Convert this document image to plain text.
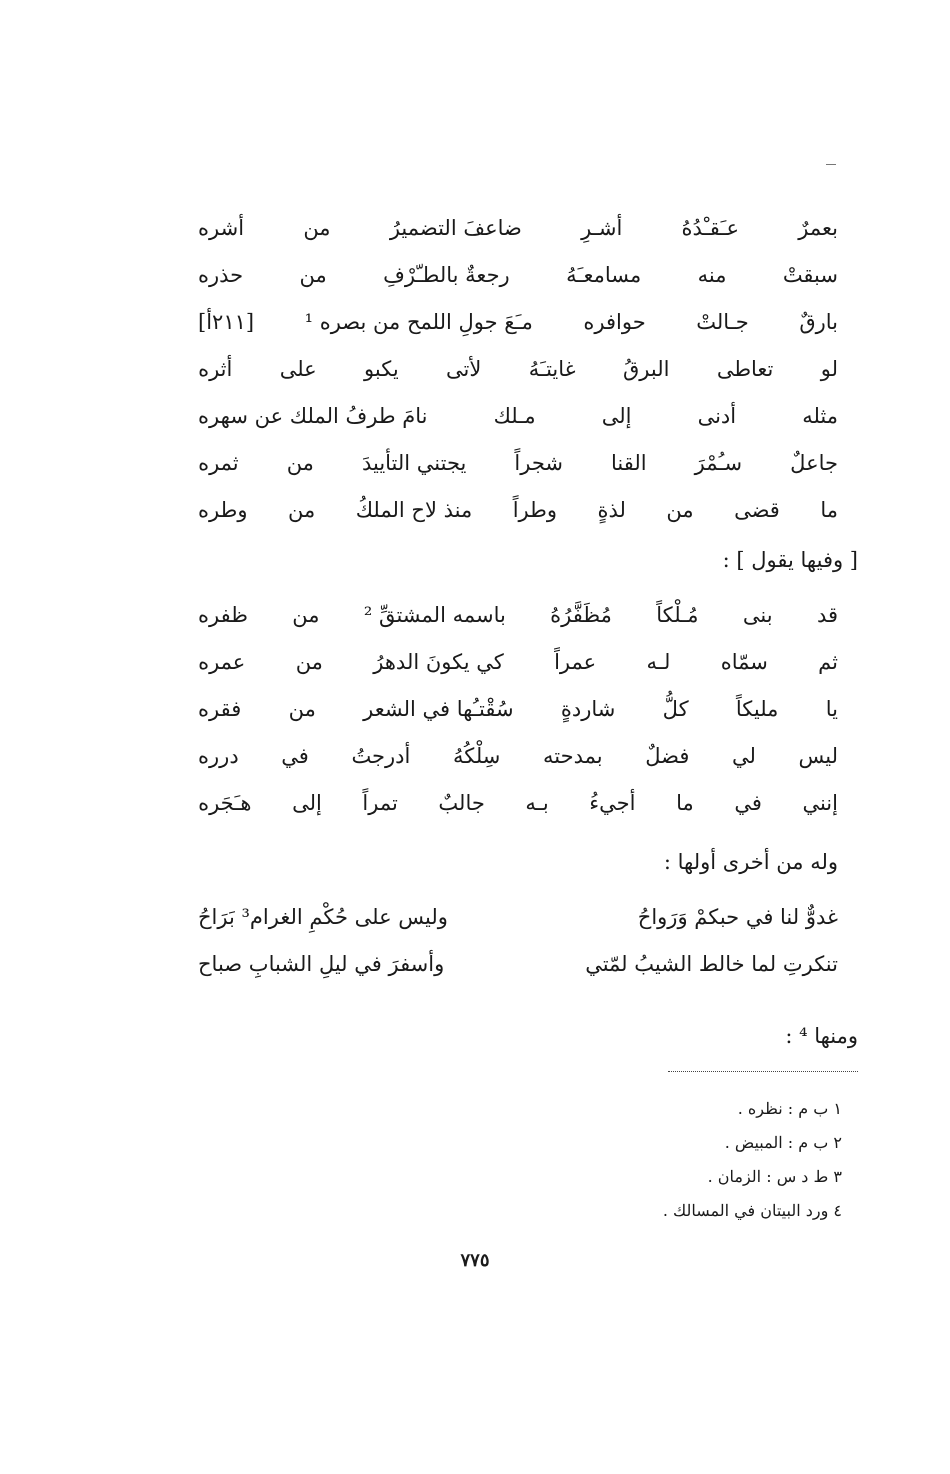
بعمرٌ
عـَقـْدُهُ
أشـرِ
ضاعفَ التضميرُ
من
أشره
سبقتْ
منه
مسامعـَهُ
رجعةٌ بالطـّرْفِ
من
حذره
بارقٌ
جـالتْ
حوافره
مـَعَ جولِ اللمح من بصره ¹
[٢١١أ]
لو
تعاطى
البرقُ
غايتـَهُ
لأتى
يكبو
على
أثره
مثله
أدنى
إلى
مـلك
نامَ طرفُ الملك عن سهره
جاعلٌ
سـُمْرَ
القنا
شجراً
يجتني التأييدَ
من
ثمره
ما
قضى
من
لذةٍ
وطراً
منذ لاح الملكُ
من
وطره
[ وفيها يقول ] :
قد
بنى
مُـلْكاً
مُظَفَّرُهُ
باسمه المشتقِّ ²
من
ظفره
ثم
سمّاه
لـه
عمراً
كي يكونَ الدهرُ
من
عمره
يا
مليكاً
كلُّ
شاردةٍ
سُقْتـُها في الشعر
من
فقره
ليس
لي
فضلٌ
بمدحته
سِلْكُهُ
أدرجتُ
في
درره
إنني
في
ما
أجيءُ
بـه
جالبٌ
تمراً
إلى
هـَجَره
وله من أخرى أولها :
غدوٌّ لنا في حبكمْ وَرَواحُ
وليس على حُكْمِ الغرام³ بَرَاحُ
تنكرتِ لما خالط الشيبُ لمّتي
وأسفرَ في ليلِ الشبابِ صباح
ومنها ⁴ :
١ ب م : نظره .
٢ ب م : المبيض .
٣ ط د س : الزمان .
٤ ورد البيتان في المسالك .
٧٧٥
